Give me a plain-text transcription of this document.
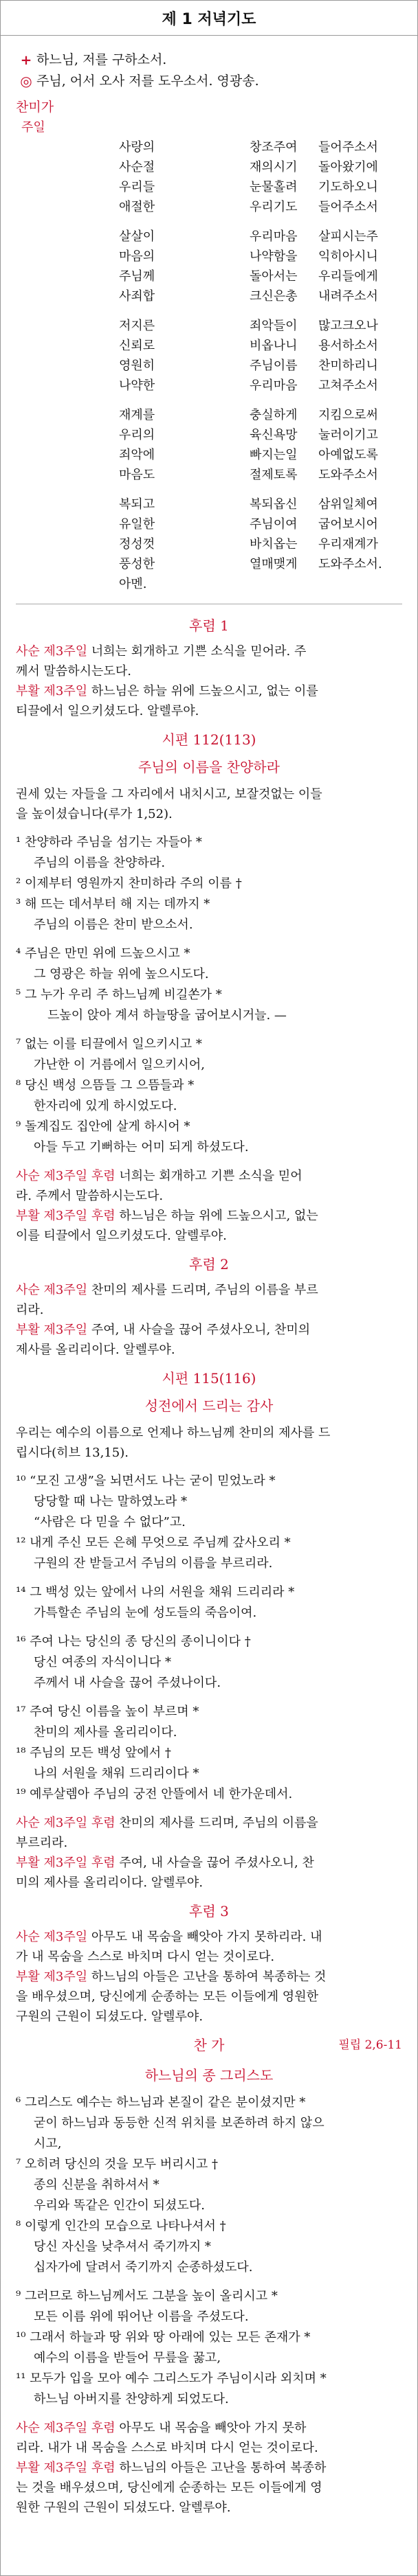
제 1 저녁기도
+ 하느님, 저를 구하소서.
◎ 주님, 어서 오사 저를 도우소서. 영광송.
찬미가
주일
사랑의	창조주여	들어주소서
사순절	재의시기	돌아왔기에
우리들	눈물홀려	기도하오니
애절한	우리기도	들어주소서
살살이	우리마음	살피시는주
마음의	나약함을	익히아시니
주님께	돌아서는	우리들에게
사죄합	크신은총	내려주소서
저지른	죄악들이	많고크오나
신뢰로	비옵나니	용서하소서
영원히	주님이름	찬미하리니
나약한	우리마음	고쳐주소서
재계를	충실하게	지킴으로써
우리의	육신욕망	눌러이기고
죄악에	빠지는일	아예없도록
마음도	절제토록	도와주소서
복되고	복되옵신	삼위일체여
유일한	주님이여	굽어보시어
정성껏	바치옵는	우리재계가
풍성한	열매맺게	도와주소서.
아멘.
후렴 1
사순 제3주일 너희는 회개하고 기쁜 소식을 믿어라. 주
께서 말씀하시는도다.
부활 제3주일 하느님은 하늘 위에 드높으시고, 없는 이를
티끌에서 일으키셨도다. 알렐루야.
시편 112(113)
주님의 이름을 찬양하라
권세 있는 자들을 그 자리에서 내치시고, 보잘것없는 이들
을 높이셨습니다(루가 1,52).
¹ 찬양하라 주님을 섬기는 자들아 *
주님의 이름을 찬양하라.
² 이제부터 영원까지 찬미하라 주의 이름 †
³ 해 뜨는 데서부터 해 지는 데까지 *
주님의 이름은 찬미 받으소서.
⁴ 주님은 만민 위에 드높으시고 *
그 영광은 하늘 위에 높으시도다.
⁵ 그 누가 우리 주 하느님께 비길쏜가 *
드높이 앉아 계셔 하늘땅을 굽어보시거늘. —
⁷ 없는 이를 티끌에서 일으키시고 *
가난한 이 거름에서 일으키시어,
⁸ 당신 백성 으뜸들 그 으뜸들과 *
한자리에 있게 하시었도다.
⁹ 돌계집도 집안에 살게 하시어 *
아들 두고 기뻐하는 어미 되게 하셨도다.
사순 제3주일 후렴 너희는 회개하고 기쁜 소식을 믿어
라. 주께서 말씀하시는도다.
부활 제3주일 후렴 하느님은 하늘 위에 드높으시고, 없는
이를 티끌에서 일으키셨도다. 알렐루야.
후렴 2
사순 제3주일 찬미의 제사를 드리며, 주님의 이름을 부르
리라.
부활 제3주일 주여, 내 사슬을 끊어 주셨사오니, 찬미의
제사를 올리리이다. 알렐루야.
시편 115(116)
성전에서 드리는 감사
우리는 예수의 이름으로 언제나 하느님께 찬미의 제사를 드
립시다(히브 13,15).
¹⁰ “모진 고생”을 뇌면서도 나는 굳이 믿었노라 *
당당할 때 나는 말하였노라 *
“사람은 다 믿을 수 없다”고.
¹² 내게 주신 모든 은혜 무엇으로 주님께 갚사오리 *
구원의 잔 받들고서 주님의 이름을 부르리라.
¹⁴ 그 백성 있는 앞에서 나의 서원을 채워 드리리라 *
가특할손 주님의 눈에 성도들의 죽음이여.
¹⁶ 주여 나는 당신의 종 당신의 종이니이다 †
당신 여종의 자식이니다 *
주께서 내 사슬을 끊어 주셨나이다.
¹⁷ 주여 당신 이름을 높이 부르며 *
찬미의 제사를 올리리이다.
¹⁸ 주님의 모든 백성 앞에서 †
나의 서원을 채워 드리리이다 *
¹⁹ 예루살렘아 주님의 궁전 안뜰에서 네 한가운데서.
사순 제3주일 후렴 찬미의 제사를 드리며, 주님의 이름을
부르리라.
부활 제3주일 후렴 주여, 내 사슬을 끊어 주셨사오니, 찬
미의 제사를 올리리이다. 알렐루야.
후렴 3
사순 제3주일 아무도 내 목숨을 빼앗아 가지 못하리라. 내
가 내 목숨을 스스로 바치며 다시 얻는 것이로다.
부활 제3주일 하느님의 아들은 고난을 통하여 복종하는 것
을 배우셨으며, 당신에게 순종하는 모든 이들에게 영원한
구원의 근원이 되셨도다. 알렐루야.
찬 가	필립 2,6-11
하느님의 종 그리스도
⁶ 그리스도 예수는 하느님과 본질이 같은 분이셨지만 *
굳이 하느님과 동등한 신적 위치를 보존하려 하지 않으
시고,
⁷ 오히려 당신의 것을 모두 버리시고 †
종의 신분을 취하셔서 *
우리와 똑같은 인간이 되셨도다.
⁸ 이렇게 인간의 모습으로 나타나셔서 †
당신 자신을 낮추셔서 죽기까지 *
십자가에 달려서 죽기까지 순종하셨도다.
⁹ 그러므로 하느님께서도 그분을 높이 올리시고 *
모든 이름 위에 뛰어난 이름을 주셨도다.
¹⁰ 그래서 하늘과 땅 위와 땅 아래에 있는 모든 존재가 *
예수의 이름을 받들어 무릎을 꿇고,
¹¹ 모두가 입을 모아 예수 그리스도가 주님이시라 외치며 *
하느님 아버지를 찬양하게 되었도다.
사순 제3주일 후렴 아무도 내 목숨을 빼앗아 가지 못하
리라. 내가 내 목숨을 스스로 바치며 다시 얻는 것이로다.
부활 제3주일 후렴 하느님의 아들은 고난을 통하여 복종하
는 것을 배우셨으며, 당신에게 순종하는 모든 이들에게 영
원한 구원의 근원이 되셨도다. 알렐루야.
